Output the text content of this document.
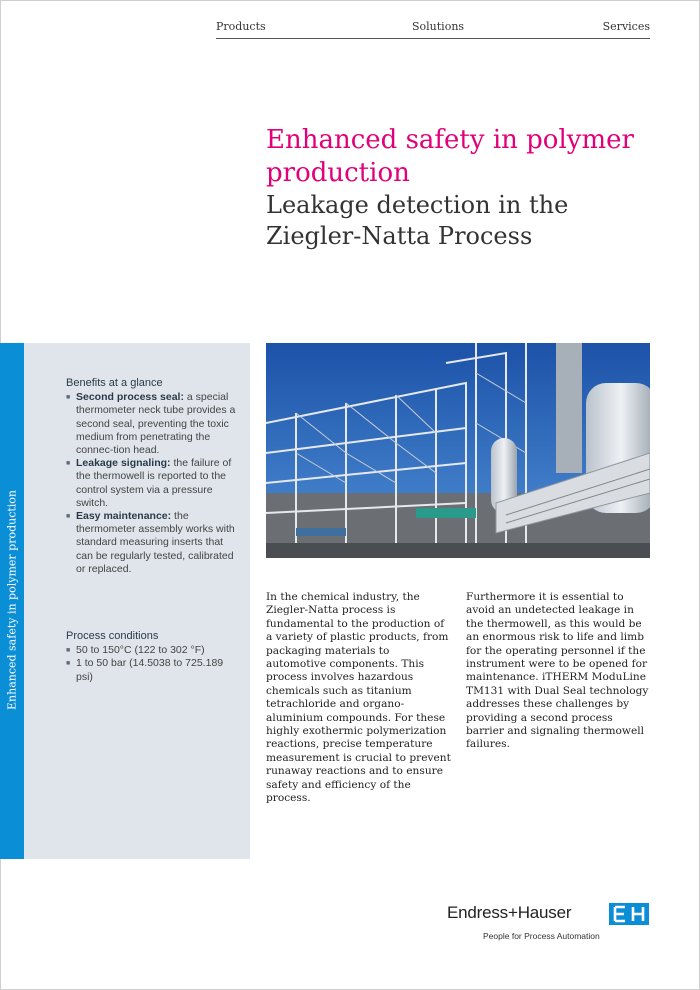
Products	Solutions	Services
Enhanced safety in polymer production
Leakage detection in the Ziegler-Natta Process
Enhanced safety in polymer production
Benefits at a glance
■ Second process seal: a special thermometer neck tube provides a second seal, preventing the toxic medium from penetrating the connec-tion head.
■ Leakage signaling: the failure of the thermowell is reported to the control system via a pressure switch.
■ Easy maintenance: the thermometer assembly works with standard measuring inserts that can be regularly tested, calibrated or replaced.
Process conditions
■ 50 to 150°C (122 to 302 °F)
■ 1 to 50 bar (14.5038 to 725.189 psi)
In the chemical industry, the Ziegler-Natta process is fundamental to the production of a variety of plastic products, from packaging materials to automotive components. This process involves hazardous chemicals such as titanium tetrachloride and organo-aluminium compounds. For these highly exothermic polymerization reactions, precise temperature measurement is crucial to prevent runaway reactions and to ensure safety and efficiency of the process.
Furthermore it is essential to avoid an undetected leakage in the thermowell, as this would be an enormous risk to life and limb for the operating personnel if the instrument were to be opened for maintenance. iTHERM ModuLine TM131 with Dual Seal technology addresses these challenges by providing a second process barrier and signaling thermowell failures.
Endress+Hauser
People for Process Automation
